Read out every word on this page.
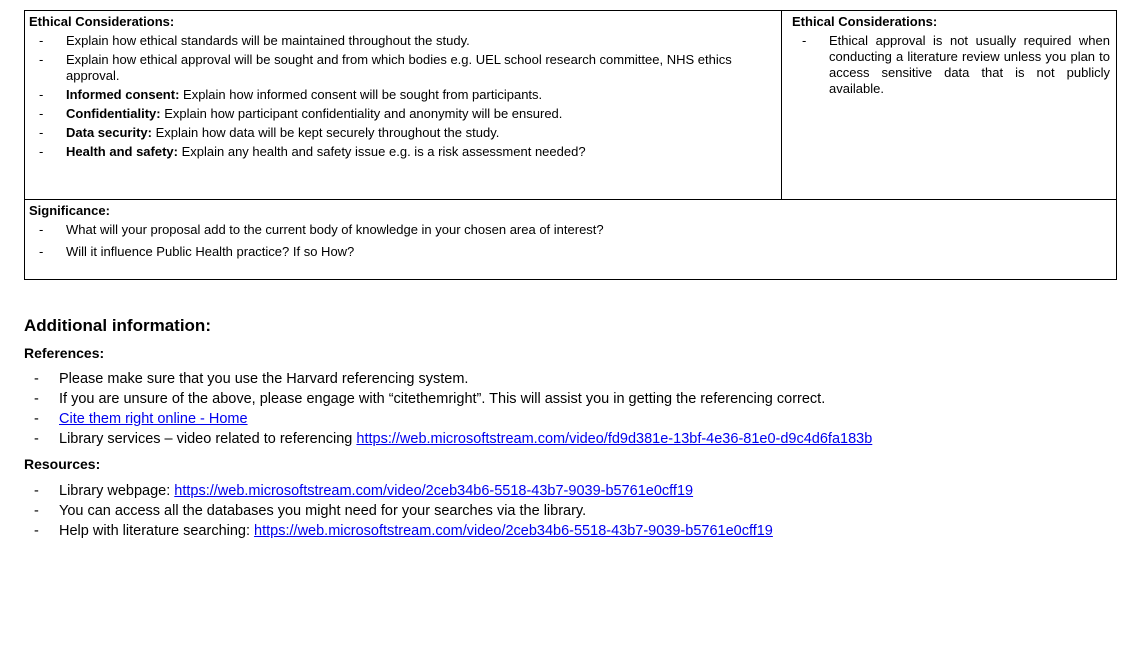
Ethical Considerations:
- Explain how ethical standards will be maintained throughout the study.
- Explain how ethical approval will be sought and from which bodies e.g. UEL school research committee, NHS ethics approval.
- Informed consent: Explain how informed consent will be sought from participants.
- Confidentiality: Explain how participant confidentiality and anonymity will be ensured.
- Data security: Explain how data will be kept securely throughout the study.
- Health and safety: Explain any health and safety issue e.g. is a risk assessment needed?

Ethical Considerations:
- Ethical approval is not usually required when conducting a literature review unless you plan to access sensitive data that is not publicly available.

Significance:
- What will your proposal add to the current body of knowledge in your chosen area of interest?
- Will it influence Public Health practice? If so How?
Additional information:
References:
- Please make sure that you use the Harvard referencing system.
- If you are unsure of the above, please engage with “citethemright”. This will assist you in getting the referencing correct.
- Cite them right online - Home
- Library services – video related to referencing https://web.microsoftstream.com/video/fd9d381e-13bf-4e36-81e0-d9c4d6fa183b
Resources:
- Library webpage: https://web.microsoftstream.com/video/2ceb34b6-5518-43b7-9039-b5761e0cff19
- You can access all the databases you might need for your searches via the library.
- Help with literature searching: https://web.microsoftstream.com/video/2ceb34b6-5518-43b7-9039-b5761e0cff19
